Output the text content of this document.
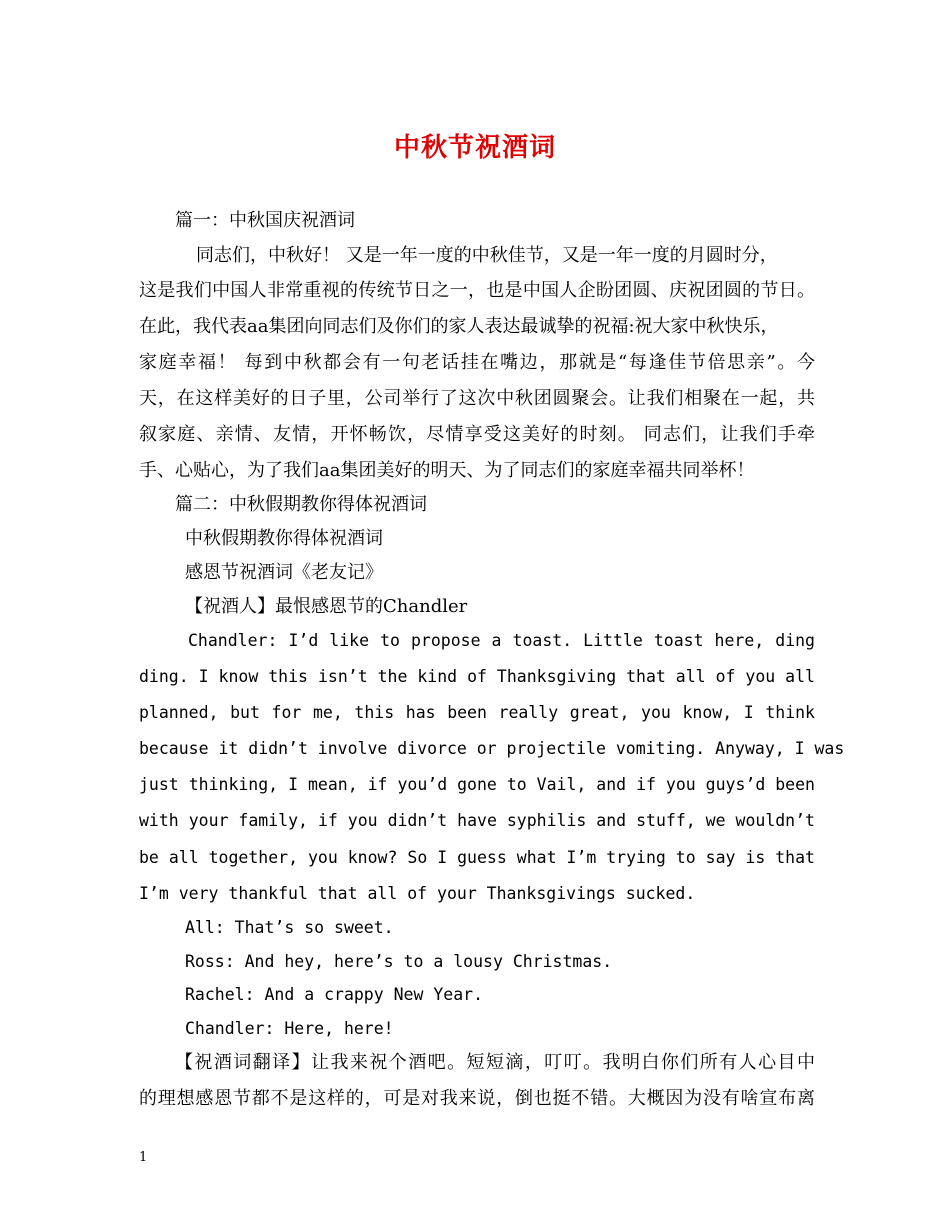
中秋节祝酒词
篇一：中秋国庆祝酒词
同志们，中秋好！ 又是一年一度的中秋佳节，又是一年一度的月圆时分，
这是我们中国人非常重视的传统节日之一，也是中国人企盼团圆、庆祝团圆的节日。
在此，我代表aa集团向同志们及你们的家人表达最诚挚的祝福:祝大家中秋快乐，
家庭幸福！ 每到中秋都会有一句老话挂在嘴边，那就是“每逢佳节倍思亲”。今
天，在这样美好的日子里，公司举行了这次中秋团圆聚会。让我们相聚在一起，共
叙家庭、亲情、友情，开怀畅饮，尽情享受这美好的时刻。 同志们，让我们手牵
手、心贴心，为了我们aa集团美好的明天、为了同志们的家庭幸福共同举杯！
篇二：中秋假期教你得体祝酒词
中秋假期教你得体祝酒词
感恩节祝酒词《老友记》
【祝酒人】最恨感恩节的Chandler
Chandler: I’d like to propose a toast. Little toast here, ding
ding. I know this isn’t the kind of Thanksgiving that all of you all
planned, but for me, this has been really great, you know, I think
because it didn’t involve divorce or projectile vomiting. Anyway, I was
just thinking, I mean, if you’d gone to Vail, and if you guys’d been
with your family, if you didn’t have syphilis and stuff, we wouldn’t
be all together, you know? So I guess what I’m trying to say is that
I’m very thankful that all of your Thanksgivings sucked.
All: That’s so sweet.
Ross: And hey, here’s to a lousy Christmas.
Rachel: And a crappy New Year.
Chandler: Here, here!
【祝酒词翻译】让我来祝个酒吧。短短滴，叮叮。我明白你们所有人心目中
的理想感恩节都不是这样的，可是对我来说，倒也挺不错。大概因为没有啥宣布离
1
